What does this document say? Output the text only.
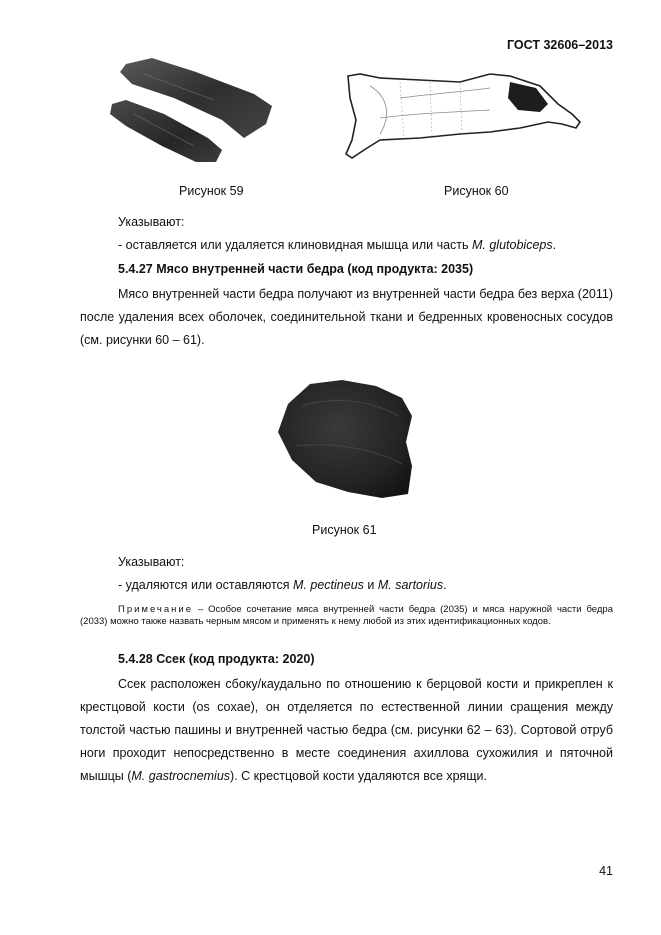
ГОСТ 32606–2013
Рисунок 59	Рисунок 60
Указывают:
- оставляется или удаляется клиновидная мышца или часть M. glutobiceps.
5.4.27 Мясо внутренней части бедра (код продукта: 2035)
Мясо внутренней части бедра получают из внутренней части бедра без верха (2011) после удаления всех оболочек, соединительной ткани и бедренных кровеносных сосудов (см. рисунки 60 – 61).
Рисунок 61
Указывают:
- удаляются или оставляются M. pectineus и M. sartorius.
Примечание – Особое сочетание мяса внутренней части бедра (2035) и мяса наружной части бедра (2033) можно также назвать черным мясом и применять к нему любой из этих идентификационных кодов.
5.4.28 Ссек (код продукта: 2020)
Ссек расположен сбоку/каудально по отношению к берцовой кости и прикреплен к крестцовой кости (os coxae), он отделяется по естественной линии сращения между толстой частью пашины и внутренней частью бедра (см. рисунки 62 – 63). Сортовой отруб ноги проходит непосредственно в месте соединения ахиллова сухожилия и пяточной мышцы (M. gastrocnemius). С крестцовой кости удаляются все хрящи.
41
